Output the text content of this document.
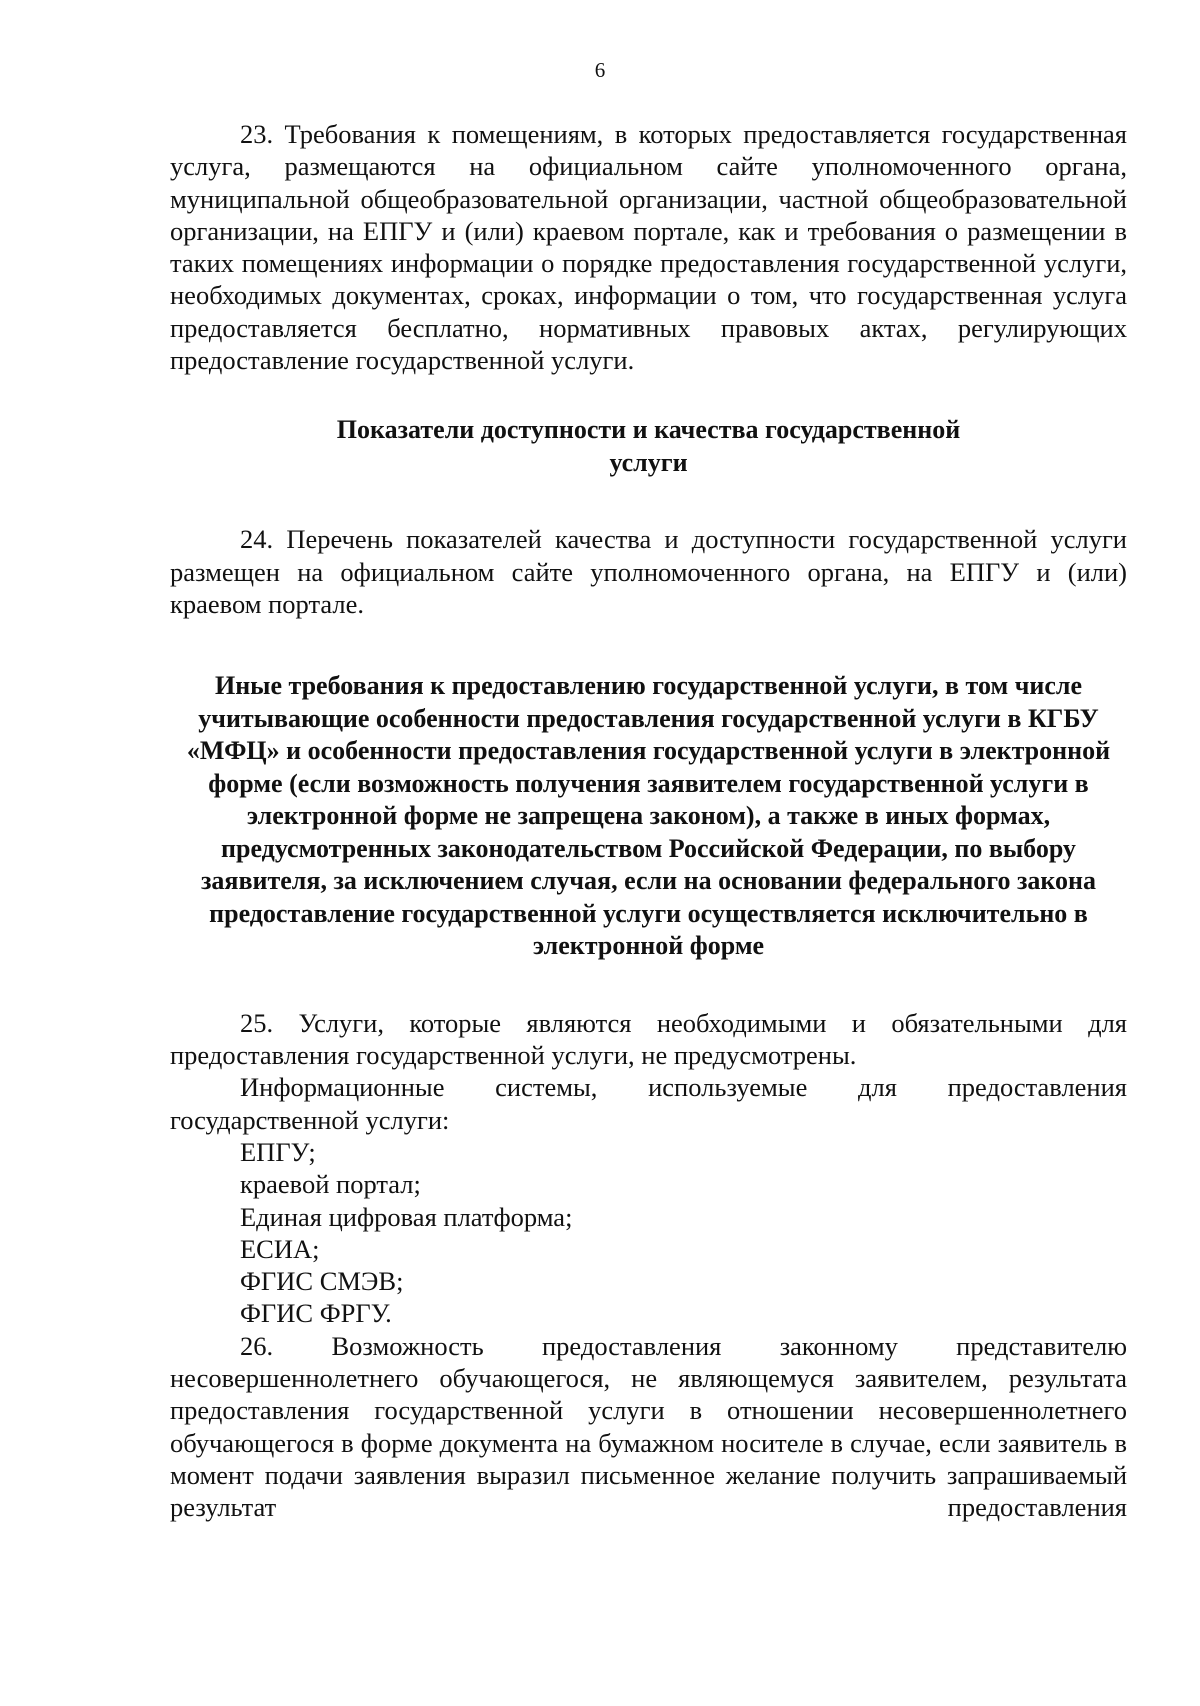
6

23. Требования к помещениям, в которых предоставляется государственная услуга, размещаются на официальном сайте уполномоченного органа, муниципальной общеобразовательной организации, частной общеобразовательной организации, на ЕПГУ и (или) краевом портале, как и требования о размещении в таких помещениях информации о порядке предоставления государственной услуги, необходимых документах, сроках, информации о том, что государственная услуга предоставляется бесплатно, нормативных правовых актах, регулирующих предоставление государственной услуги.

Показатели доступности и качества государственной услуги

24. Перечень показателей качества и доступности государственной услуги размещен на официальном сайте уполномоченного органа, на ЕПГУ и (или) краевом портале.

Иные требования к предоставлению государственной услуги, в том числе учитывающие особенности предоставления государственной услуги в КГБУ «МФЦ» и особенности предоставления государственной услуги в электронной форме (если возможность получения заявителем государственной услуги в электронной форме не запрещена законом), а также в иных формах, предусмотренных законодательством Российской Федерации, по выбору заявителя, за исключением случая, если на основании федерального закона предоставление государственной услуги осуществляется исключительно в электронной форме

25. Услуги, которые являются необходимыми и обязательными для предоставления государственной услуги, не предусмотрены.

Информационные системы, используемые для предоставления государственной услуги:

ЕПГУ;

краевой портал;

Единая цифровая платформа;

ЕСИА;

ФГИС СМЭВ;

ФГИС ФРГУ.

26. Возможность предоставления законному представителю несовершеннолетнего обучающегося, не являющемуся заявителем, результата предоставления государственной услуги в отношении несовершеннолетнего обучающегося в форме документа на бумажном носителе в случае, если заявитель в момент подачи заявления выразил письменное желание получить запрашиваемый результат предоставления
